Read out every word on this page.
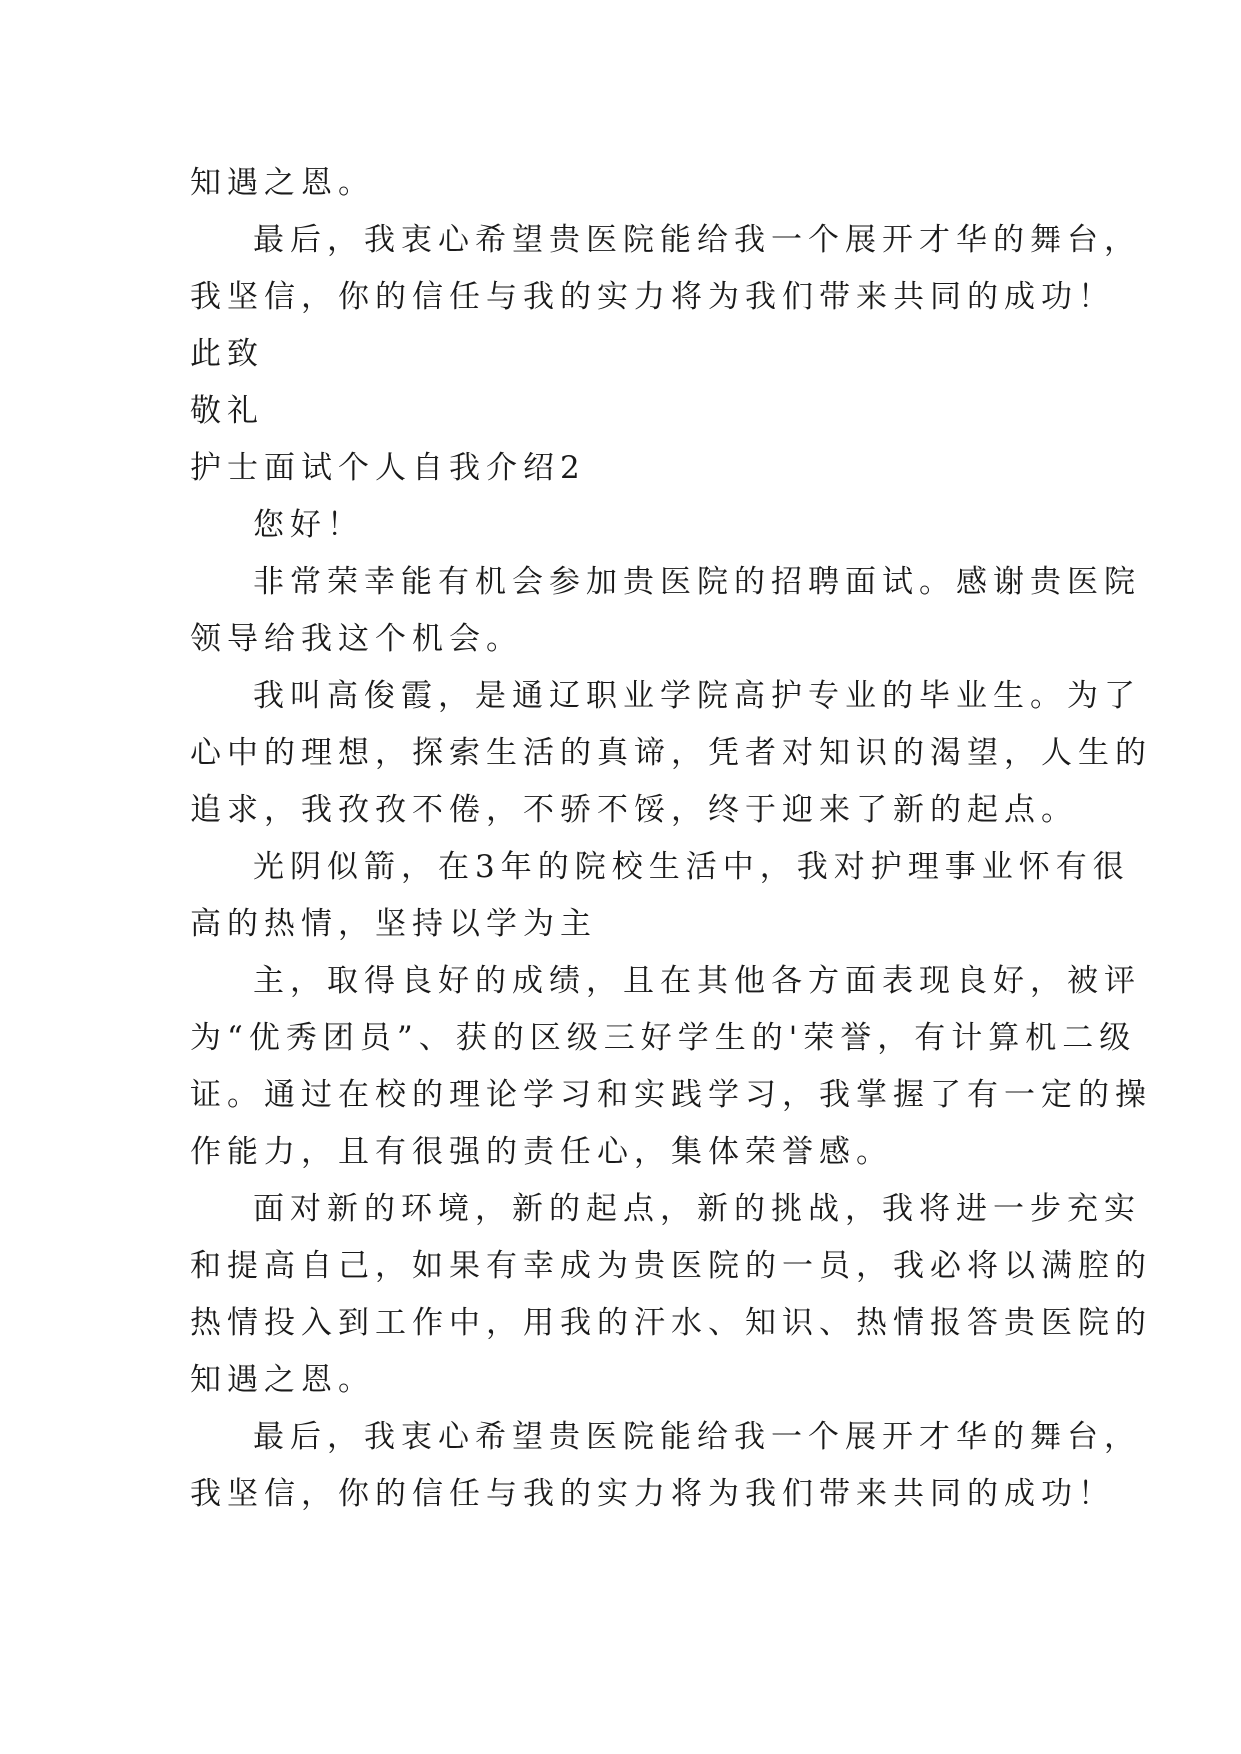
知遇之恩。

最后，我衷心希望贵医院能给我一个展开才华的舞台，

我坚信，你的信任与我的实力将为我们带来共同的成功！

此致

敬礼

护士面试个人自我介绍2

您好！

非常荣幸能有机会参加贵医院的招聘面试。感谢贵医院

领导给我这个机会。

我叫高俊霞，是通辽职业学院高护专业的毕业生。为了

心中的理想，探索生活的真谛，凭者对知识的渴望，人生的

追求，我孜孜不倦，不骄不馁，终于迎来了新的起点。

光阴似箭，在3年的院校生活中，我对护理事业怀有很

高的热情，坚持以学为主

主，取得良好的成绩，且在其他各方面表现良好，被评

为“优秀团员”、获的区级三好学生的'荣誉，有计算机二级

证。通过在校的理论学习和实践学习，我掌握了有一定的操

作能力，且有很强的责任心，集体荣誉感。

面对新的环境，新的起点，新的挑战，我将进一步充实

和提高自己，如果有幸成为贵医院的一员，我必将以满腔的

热情投入到工作中，用我的汗水、知识、热情报答贵医院的

知遇之恩。

最后，我衷心希望贵医院能给我一个展开才华的舞台，

我坚信，你的信任与我的实力将为我们带来共同的成功！
